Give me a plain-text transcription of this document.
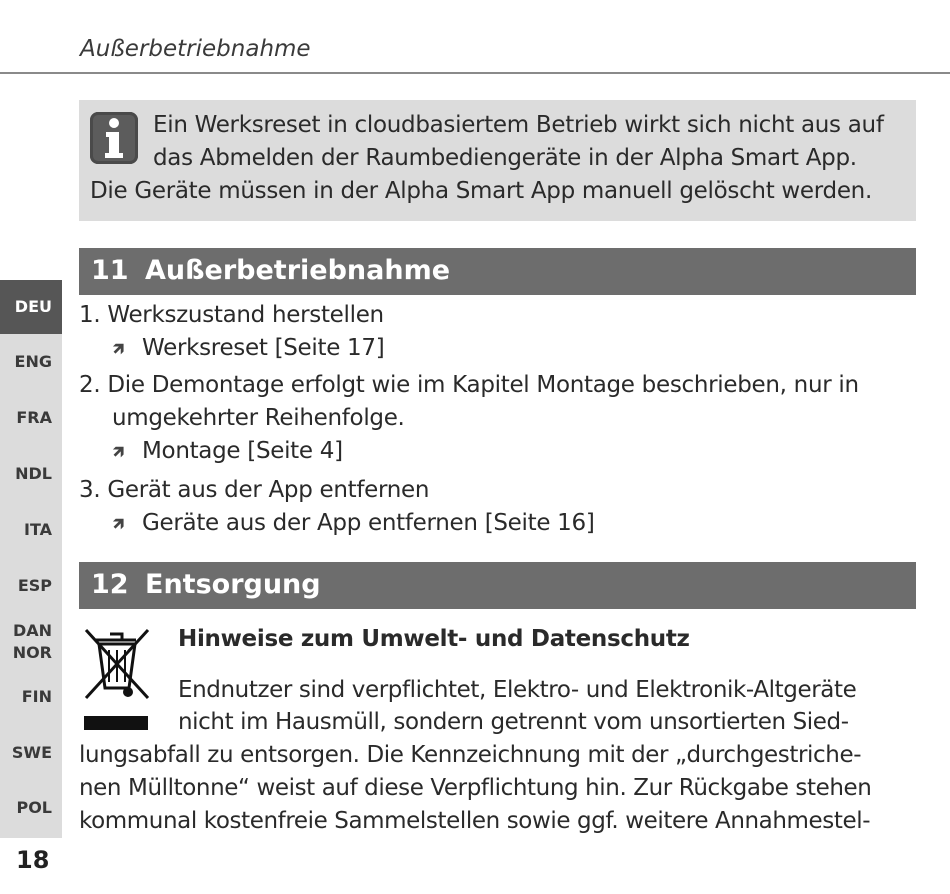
Außerbetriebnahme
Ein Werksreset in cloudbasiertem Betrieb wirkt sich nicht aus auf
das Abmelden der Raumbediengeräte in der Alpha Smart App.
Die Geräte müssen in der Alpha Smart App manuell gelöscht werden.
11 Außerbetriebnahme
1. Werkszustand herstellen
🡽 Werksreset [Seite 17]
2. Die Demontage erfolgt wie im Kapitel Montage beschrieben, nur in
umgekehrter Reihenfolge.
🡽 Montage [Seite 4]
3. Gerät aus der App entfernen
🡽 Geräte aus der App entfernen [Seite 16]
12 Entsorgung
Hinweise zum Umwelt- und Datenschutz
Endnutzer sind verpflichtet, Elektro- und Elektronik-Altgeräte
nicht im Hausmüll, sondern getrennt vom unsortierten Sied-
lungsabfall zu entsorgen. Die Kennzeichnung mit der „durchgestriche-
nen Mülltonne“ weist auf diese Verpflichtung hin. Zur Rückgabe stehen
kommunal kostenfreie Sammelstellen sowie ggf. weitere Annahmestel-
DEU
ENG
FRA
NDL
ITA
ESP
DAN
NOR
FIN
SWE
POL
18
